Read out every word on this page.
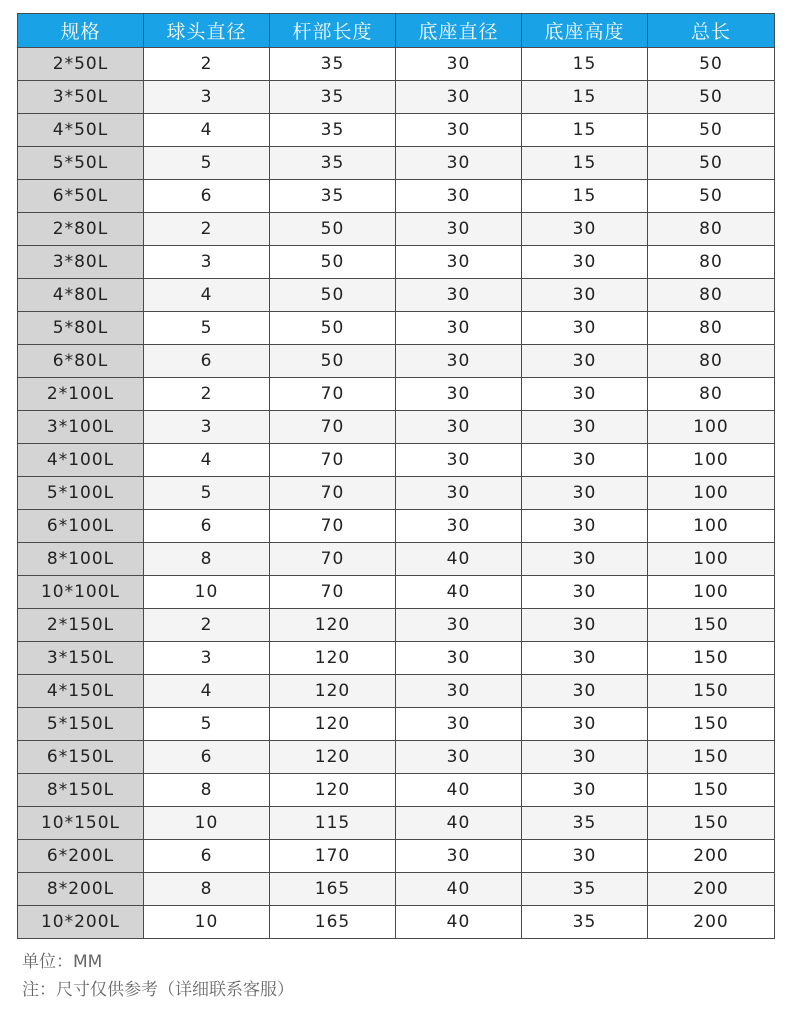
规格	球头直径	杆部长度	底座直径	底座高度	总长
2*50L	2	35	30	15	50
3*50L	3	35	30	15	50
4*50L	4	35	30	15	50
5*50L	5	35	30	15	50
6*50L	6	35	30	15	50
2*80L	2	50	30	30	80
3*80L	3	50	30	30	80
4*80L	4	50	30	30	80
5*80L	5	50	30	30	80
6*80L	6	50	30	30	80
2*100L	2	70	30	30	80
3*100L	3	70	30	30	100
4*100L	4	70	30	30	100
5*100L	5	70	30	30	100
6*100L	6	70	30	30	100
8*100L	8	70	40	30	100
10*100L	10	70	40	30	100
2*150L	2	120	30	30	150
3*150L	3	120	30	30	150
4*150L	4	120	30	30	150
5*150L	5	120	30	30	150
6*150L	6	120	30	30	150
8*150L	8	120	40	30	150
10*150L	10	115	40	35	150
6*200L	6	170	30	30	200
8*200L	8	165	40	35	200
10*200L	10	165	40	35	200
单位：MM
注：尺寸仅供参考（详细联系客服）
